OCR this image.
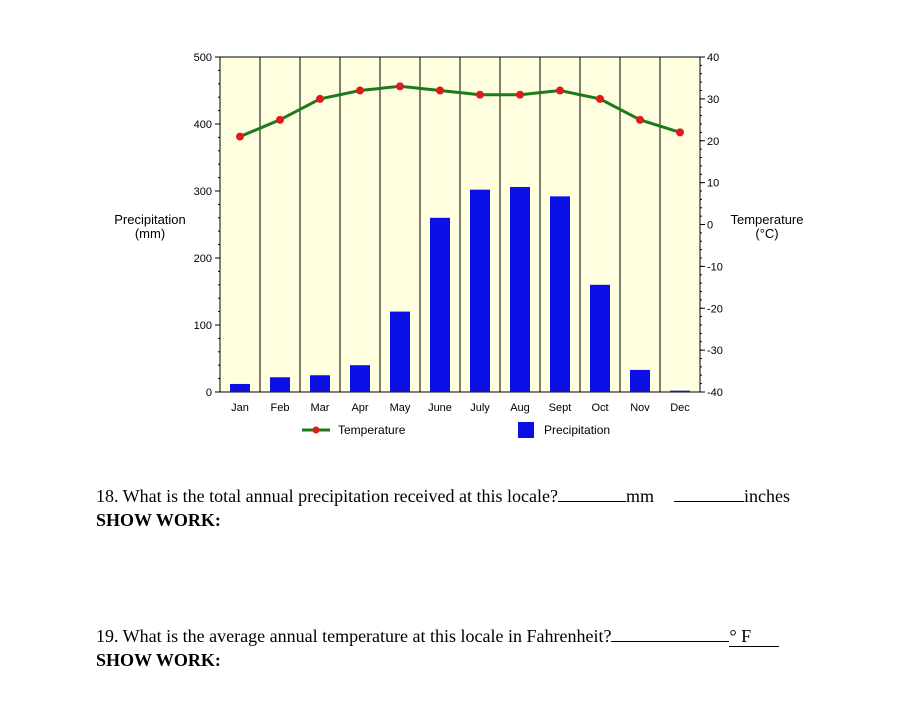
0
100
200
300
400
500
-40
-30
-20
-10
0
10
20
30
40
Jan Feb Mar Apr May June July Aug Sept Oct Nov Dec
Precipitation
(mm)
Temperature
(°C)
Temperature	Precipitation
18. What is the total annual precipitation received at this locale?	mm	inches
SHOW WORK:
19. What is the average annual temperature at this locale in Fahrenheit?	° F
SHOW WORK:
